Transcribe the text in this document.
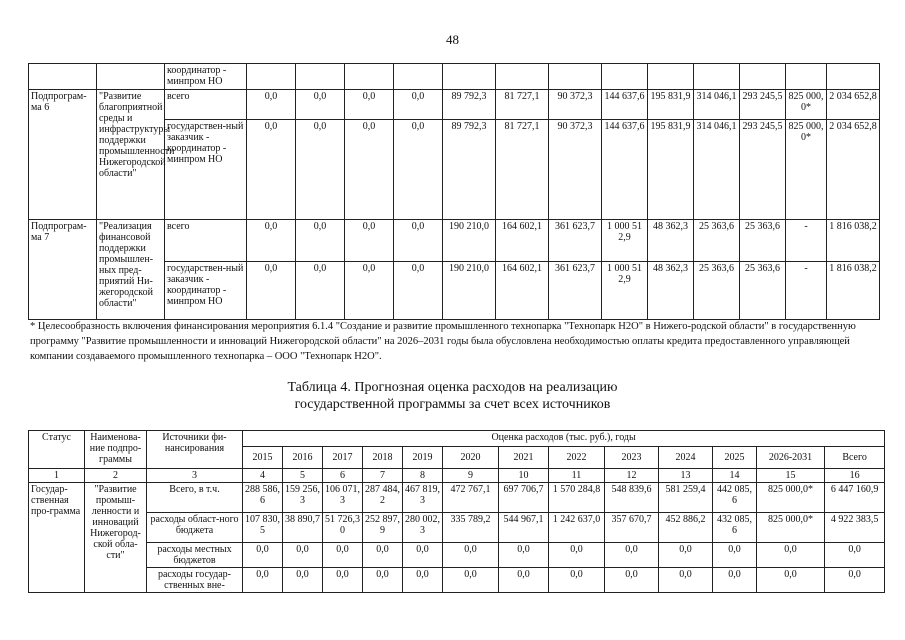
48
		координатор - минпром НО													
Подпрограм-ма 6	"Развитие благоприятной среды и инфраструктуры поддержки промышленности Нижегородской области"	всего	0,0	0,0	0,0	0,0	89 792,3	81 727,1	90 372,3	144 637,6	195 831,9	314 046,1	293 245,5	825 000,0*	2 034 652,8
		государствен-ный заказчик - координатор - минпром НО	0,0	0,0	0,0	0,0	89 792,3	81 727,1	90 372,3	144 637,6	195 831,9	314 046,1	293 245,5	825 000,0*	2 034 652,8
Подпрограм-ма 7	"Реализация финансовой поддержки промышлен-ных пред-приятий Ни-жегородской области"	всего	0,0	0,0	0,0	0,0	190 210,0	164 602,1	361 623,7	1 000 512,9	48 362,3	25 363,6	25 363,6	-	1 816 038,2
		государствен-ный заказчик - координатор - минпром НО	0,0	0,0	0,0	0,0	190 210,0	164 602,1	361 623,7	1 000 512,9	48 362,3	25 363,6	25 363,6	-	1 816 038,2
* Целесообразность включения финансирования мероприятия 6.1.4 "Создание и развитие промышленного технопарка "Технопарк Н2О" в Нижего-родской области" в государственную программу "Развитие промышленности и инноваций Нижегородской области" на 2026–2031 годы была обусловлена необходимостью оплаты кредита предоставленного управляющей компании создаваемого промышленного технопарка – ООО "Технопарк Н2О".
Таблица 4. Прогнозная оценка расходов на реализацию
государственной программы за счет всех источников
Статус	Наименова-ние подпро-граммы	Источники фи-нансирования	Оценка расходов (тыс. руб.), годы												
			2015	2016	2017	2018	2019	2020	2021	2022	2023	2024	2025	2026-2031	Всего
1	2	3	4	5	6	7	8	9	10	11	12	13	14	15	16
Государ-ственная про-грамма	"Развитие промыш-ленности и инноваций Нижегород-ской обла-сти"	Всего, в т.ч.	288 586,6	159 256,3	106 071,3	287 484,2	467 819,3	472 767,1	697 706,7	1 570 284,8	548 839,6	581 259,4	442 085,6	825 000,0*	6 447 160,9
		расходы област-ного бюджета	107 830,5	38 890,7	51 726,30	252 897,9	280 002,3	335 789,2	544 967,1	1 242 637,0	357 670,7	452 886,2	432 085,6	825 000,0*	4 922 383,5
		расходы местных бюджетов	0,0	0,0	0,0	0,0	0,0	0,0	0,0	0,0	0,0	0,0	0,0	0,0	0,0
		расходы государ-ственных вне-	0,0	0,0	0,0	0,0	0,0	0,0	0,0	0,0	0,0	0,0	0,0	0,0	0,0
